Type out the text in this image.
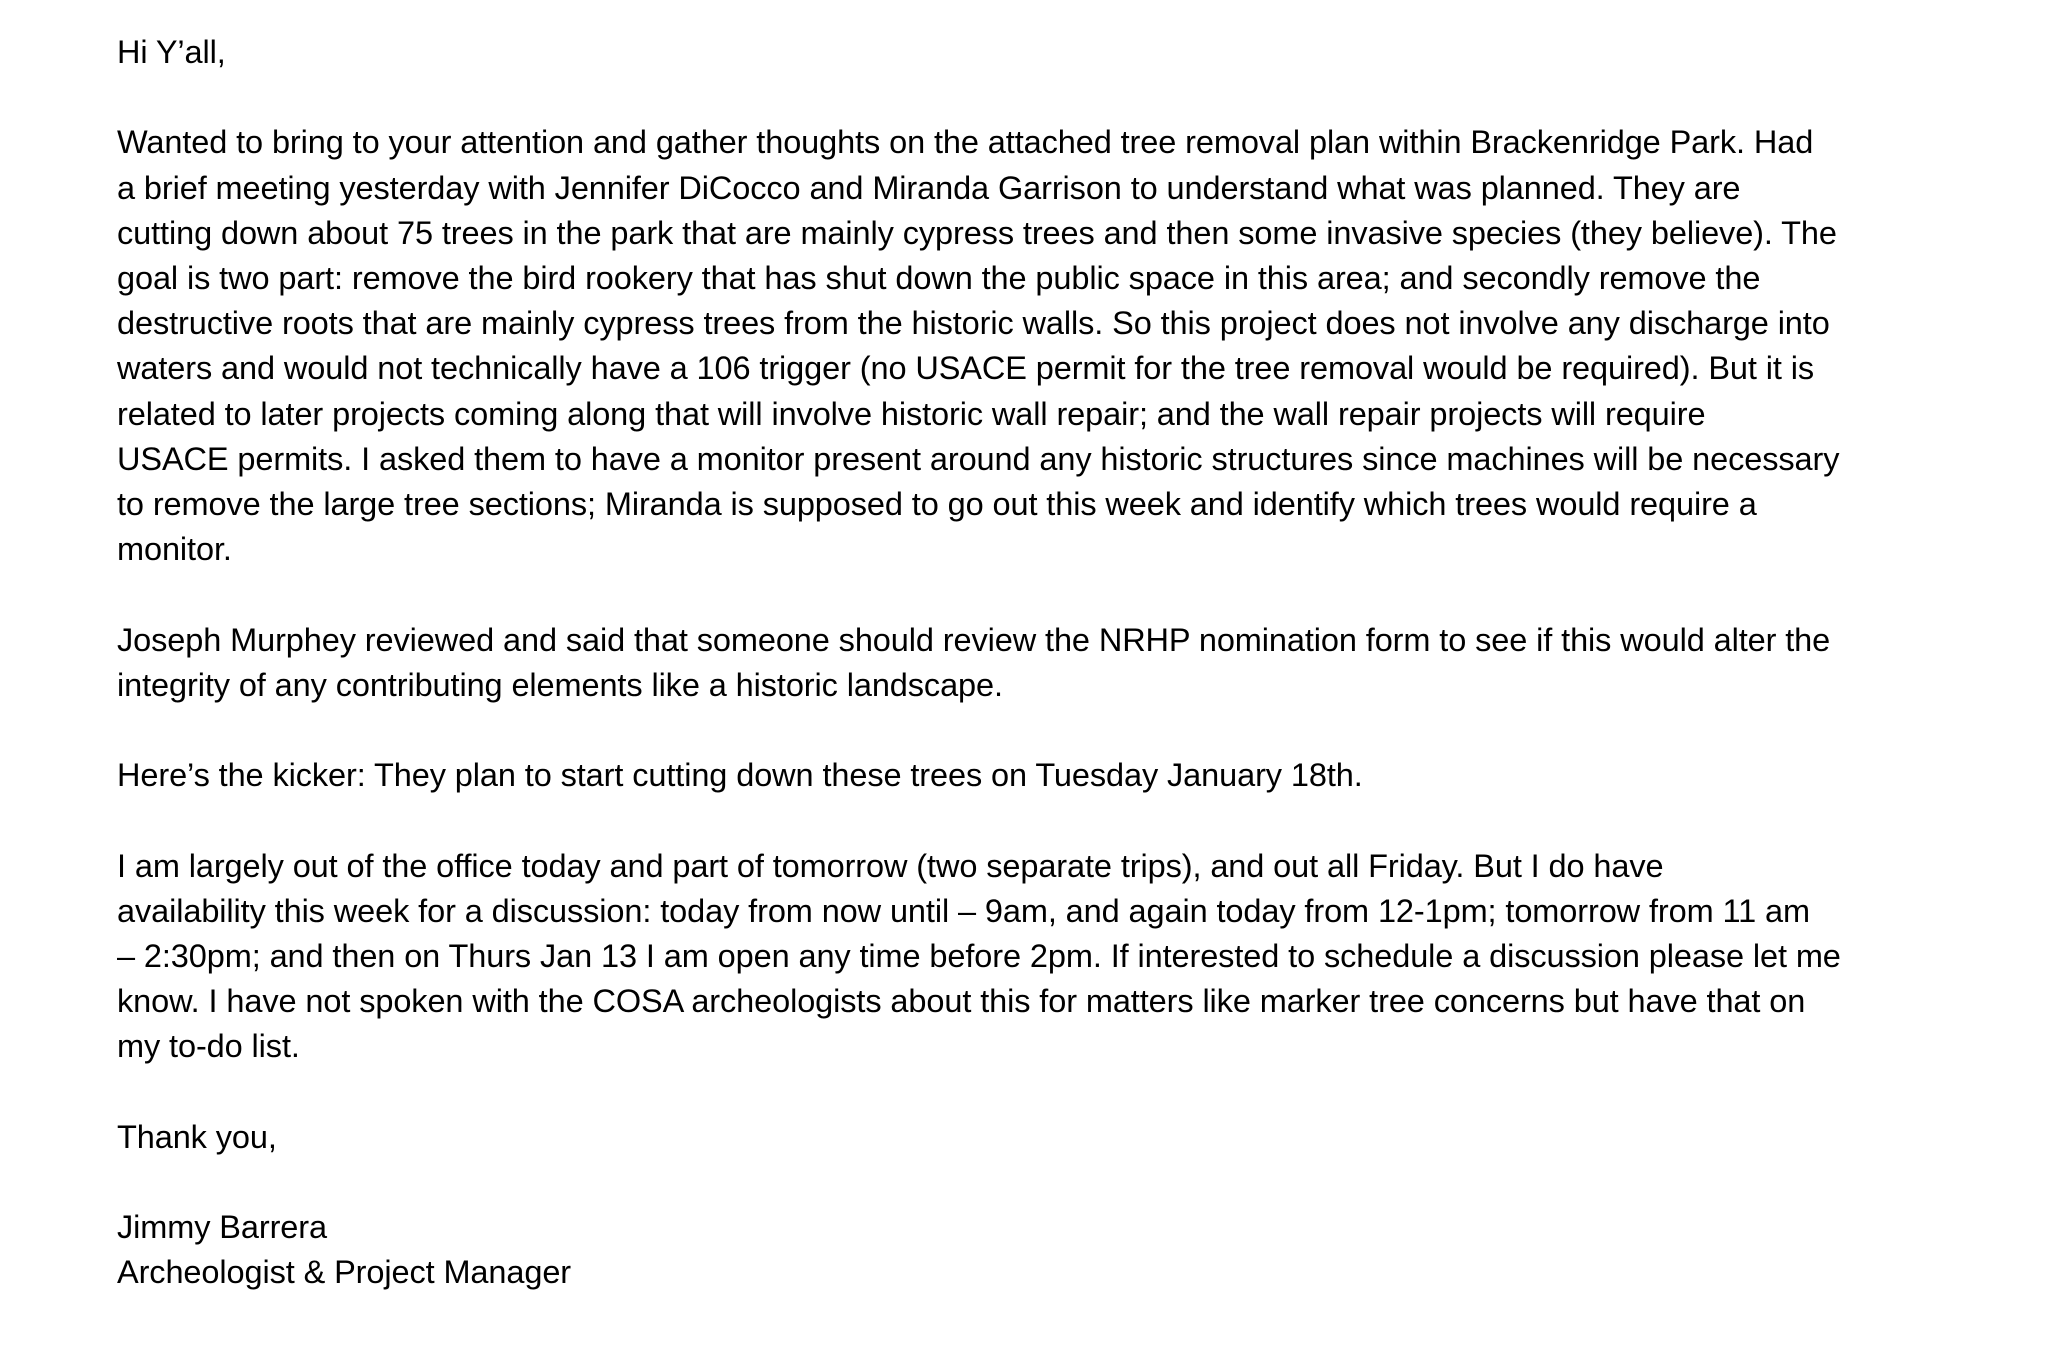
Hi Y’all,
Wanted to bring to your attention and gather thoughts on the attached tree removal plan within Brackenridge Park. Had
a brief meeting yesterday with Jennifer DiCocco and Miranda Garrison to understand what was planned. They are
cutting down about 75 trees in the park that are mainly cypress trees and then some invasive species (they believe). The
goal is two part: remove the bird rookery that has shut down the public space in this area; and secondly remove the
destructive roots that are mainly cypress trees from the historic walls. So this project does not involve any discharge into
waters and would not technically have a 106 trigger (no USACE permit for the tree removal would be required). But it is
related to later projects coming along that will involve historic wall repair; and the wall repair projects will require
USACE permits. I asked them to have a monitor present around any historic structures since machines will be necessary
to remove the large tree sections; Miranda is supposed to go out this week and identify which trees would require a
monitor.
Joseph Murphey reviewed and said that someone should review the NRHP nomination form to see if this would alter the
integrity of any contributing elements like a historic landscape.
Here’s the kicker: They plan to start cutting down these trees on Tuesday January 18th.
I am largely out of the office today and part of tomorrow (two separate trips), and out all Friday. But I do have
availability this week for a discussion: today from now until – 9am, and again today from 12-1pm; tomorrow from 11 am
– 2:30pm; and then on Thurs Jan 13 I am open any time before 2pm. If interested to schedule a discussion please let me
know. I have not spoken with the COSA archeologists about this for matters like marker tree concerns but have that on
my to-do list.
Thank you,
Jimmy Barrera
Archeologist & Project Manager
